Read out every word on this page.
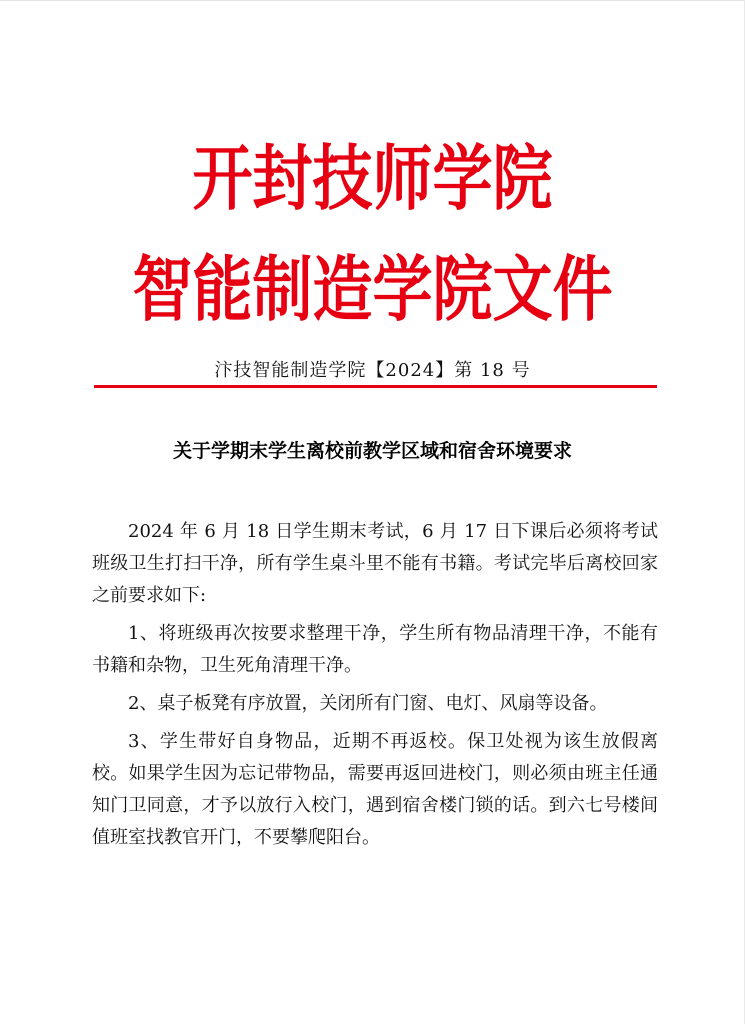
开封技师学院
智能制造学院文件
汴技智能制造学院【2024】第 18 号
关于学期末学生离校前教学区域和宿舍环境要求

2024 年 6 月 18 日学生期末考试，6 月 17 日下课后必须将考试班级卫生打扫干净，所有学生桌斗里不能有书籍。考试完毕后离校回家之前要求如下:

1、将班级再次按要求整理干净，学生所有物品清理干净，不能有书籍和杂物，卫生死角清理干净。

2、桌子板凳有序放置，关闭所有门窗、电灯、风扇等设备。

3、学生带好自身物品，近期不再返校。保卫处视为该生放假离校。如果学生因为忘记带物品，需要再返回进校门，则必须由班主任通知门卫同意，才予以放行入校门，遇到宿舍楼门锁的话。到六七号楼间值班室找教官开门，不要攀爬阳台。
